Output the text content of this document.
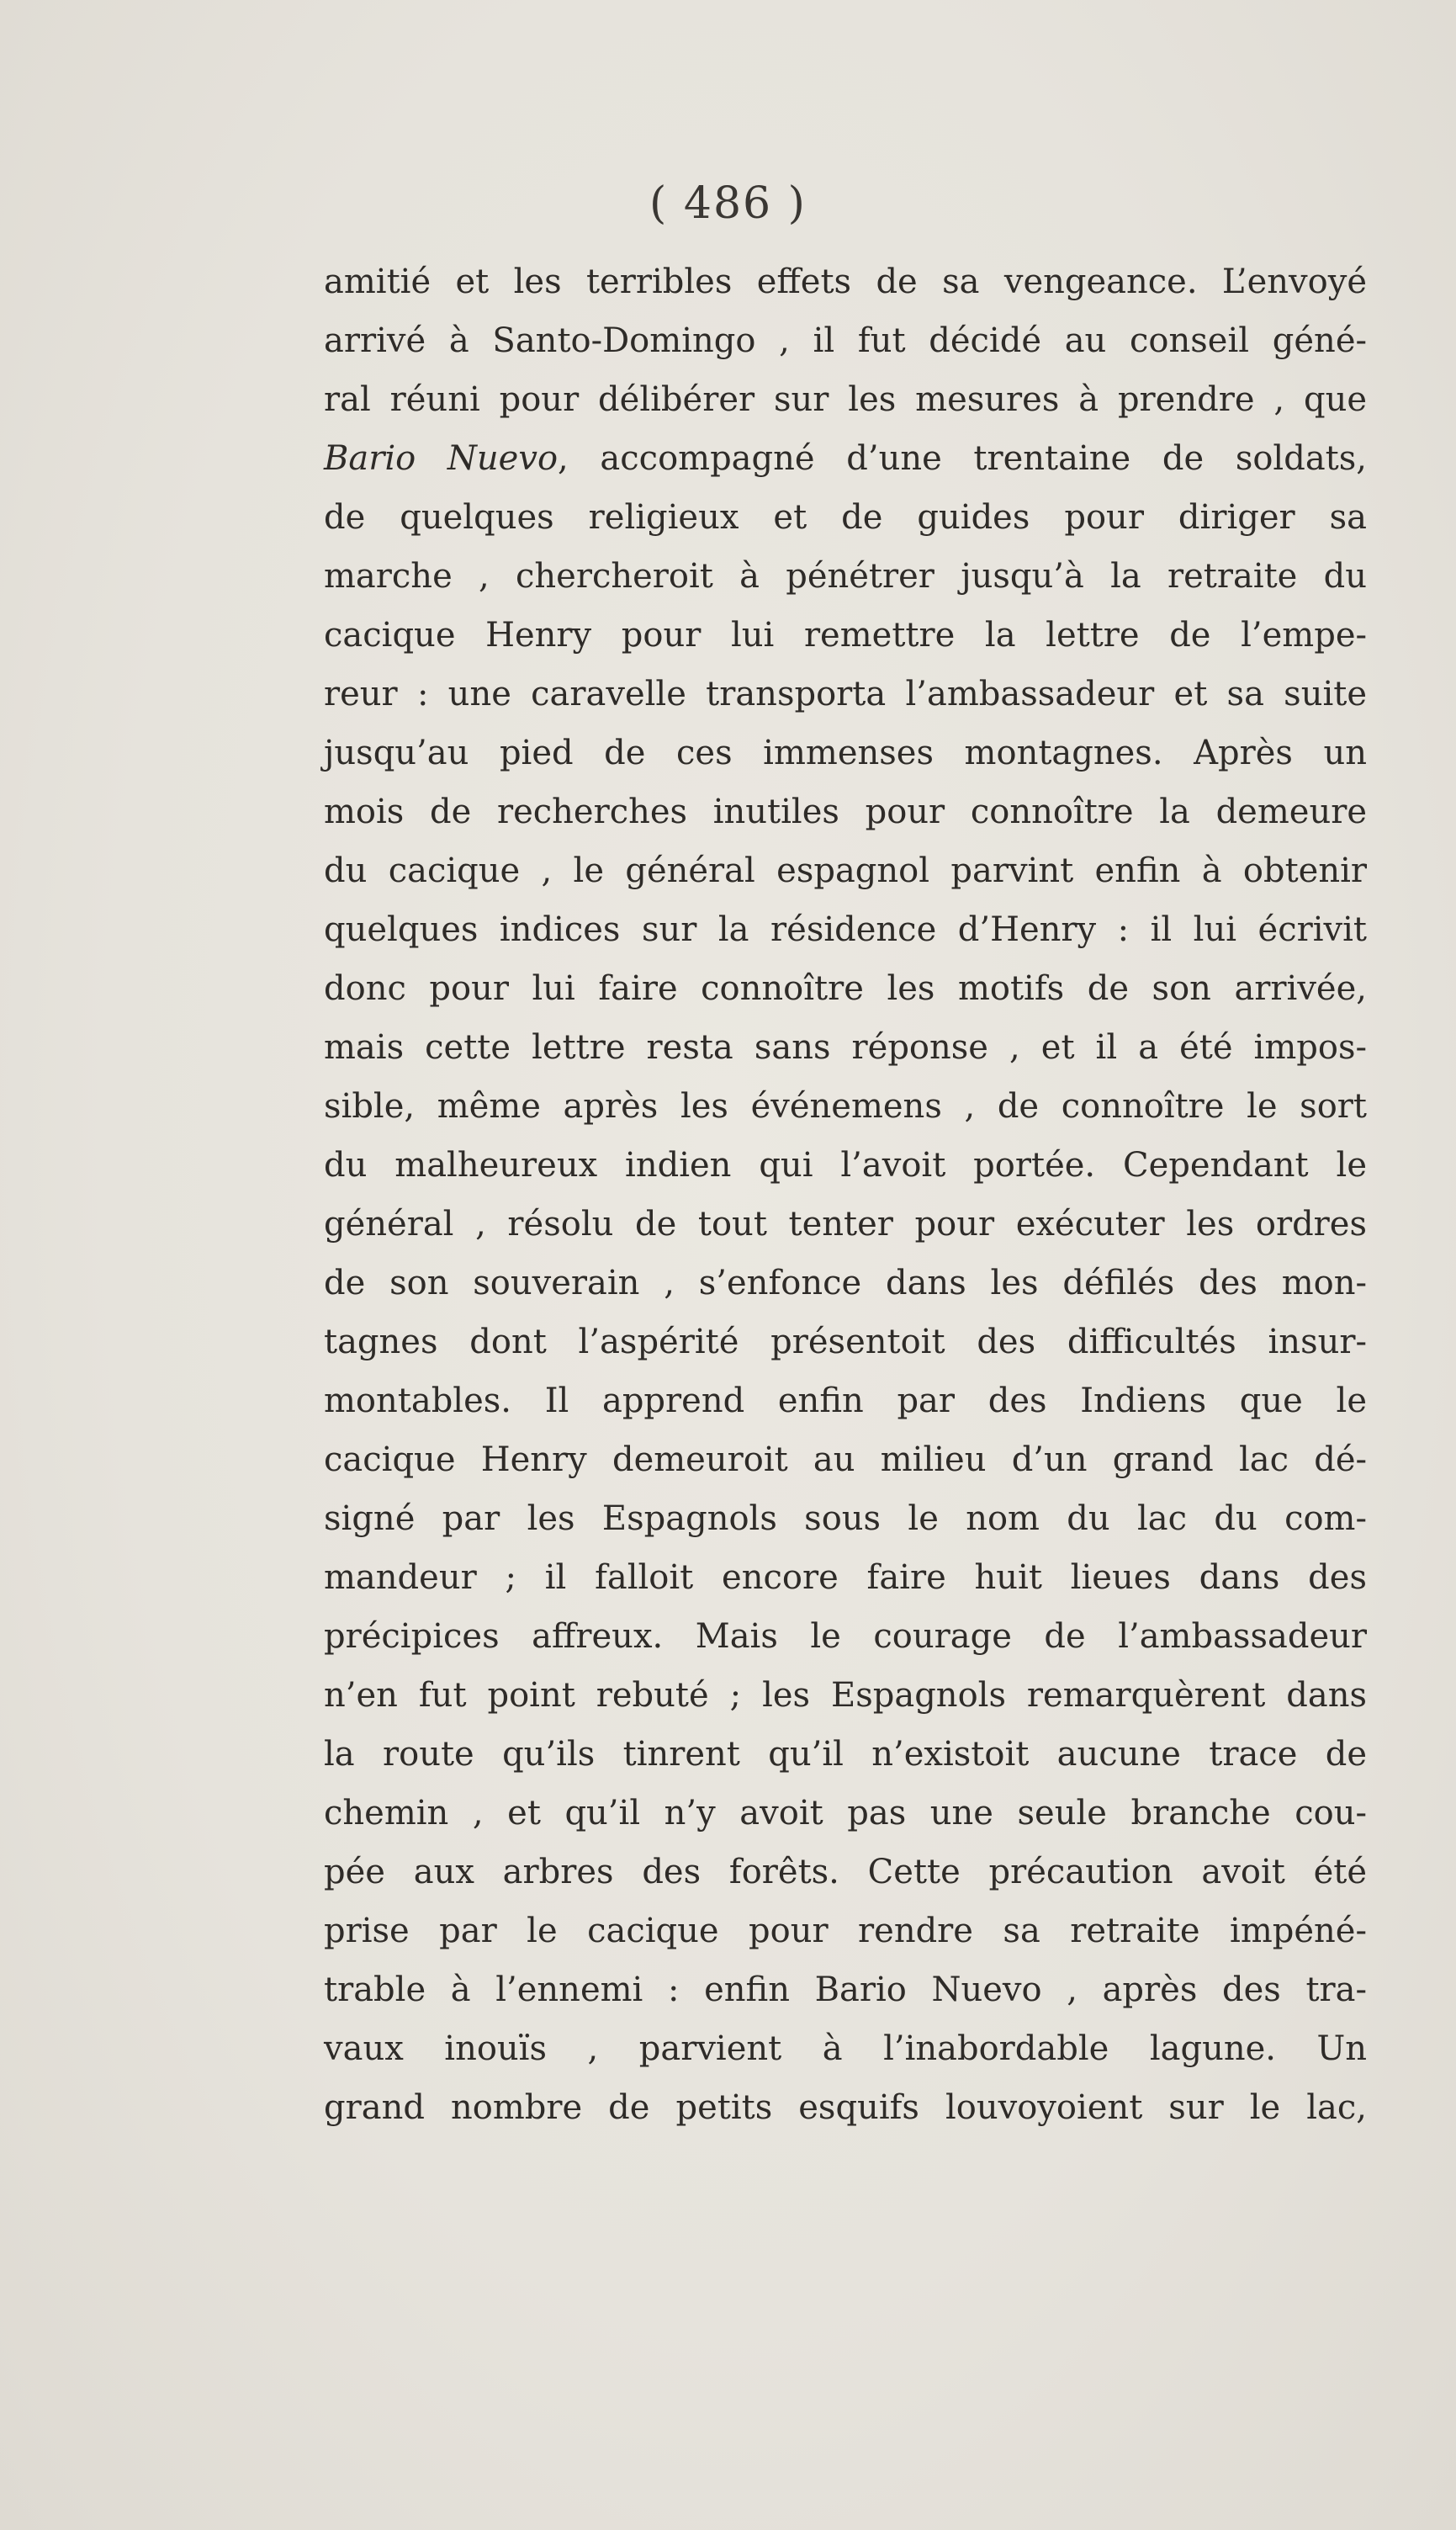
( 486 )
amitié et les terribles effets de sa vengeance. L’envoyé
arrivé à Santo-Domingo , il fut décidé au conseil géné-
ral réuni pour délibérer sur les mesures à prendre , que
Bario Nuevo, accompagné d’une trentaine de soldats,
de quelques religieux et de guides pour diriger sa
marche , chercheroit à pénétrer jusqu’à la retraite du
cacique Henry pour lui remettre la lettre de l’empe-
reur : une caravelle transporta l’ambassadeur et sa suite
jusqu’au pied de ces immenses montagnes. Après un
mois de recherches inutiles pour connoître la demeure
du cacique , le général espagnol parvint enfin à obtenir
quelques indices sur la résidence d’Henry : il lui écrivit
donc pour lui faire connoître les motifs de son arrivée,
mais cette lettre resta sans réponse , et il a été impos-
sible, même après les événemens , de connoître le sort
du malheureux indien qui l’avoit portée. Cependant le
général , résolu de tout tenter pour exécuter les ordres
de son souverain , s’enfonce dans les défilés des mon-
tagnes dont l’aspérité présentoit des difficultés insur-
montables. Il apprend enfin par des Indiens que le
cacique Henry demeuroit au milieu d’un grand lac dé-
signé par les Espagnols sous le nom du lac du com-
mandeur ; il falloit encore faire huit lieues dans des
précipices affreux. Mais le courage de l’ambassadeur
n’en fut point rebuté ; les Espagnols remarquèrent dans
la route qu’ils tinrent qu’il n’existoit aucune trace de
chemin , et qu’il n’y avoit pas une seule branche cou-
pée aux arbres des forêts. Cette précaution avoit été
prise par le cacique pour rendre sa retraite impéné-
trable à l’ennemi : enfin Bario Nuevo , après des tra-
vaux inouïs , parvient à l’inabordable lagune. Un
grand nombre de petits esquifs louvoyoient sur le lac,
